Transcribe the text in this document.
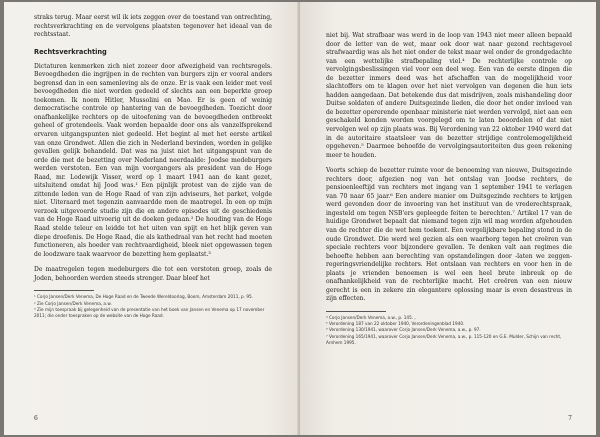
straks terug. Maar eerst wil ik iets zeggen over de toestand van ontrechting, rechtsverkrachting en de vervolgens plaatsten tegenover het ideaal van de rechtsstaat.

Rechtsverkrachting

Dictaturen kenmerken zich niet zozeer door afwezigheid van rechtsregels. Bevoegdheden die ingrijpen in de rechten van burgers zijn er vooral anders begrensd dan in een samenleving als de onze. Er is vaak een leider met veel bevoegdheden die niet worden gedeeld of slechts aan een beperkte groep toekomen. Ik noem Hitler, Mussolini en Mao. Er is geen of weinig democratische controle op hantering van de bevoegdheden. Toezicht door onafhankelijke rechters op de uitoefening van de bevoegdheden ontbreekt geheel of grotendeels. Vaak worden bepaalde door ons als vanzelfsprekend ervaren uitgangspunten niet gedeeld. Het begint al met het eerste artikel van onze Grondwet. Allen die zich in Nederland bevinden, worden in gelijke gevallen gelijk behandeld. Dat was na juist niet het uitgangspunt van de orde die met de bezetting over Nederland neerdaalde: Joodse medeburgers werden verstoten. Een van mijn voorgangers als president van de Hoge Raad, mr. Lodewijk Visser, werd op 1 maart 1941 aan de kant gezet, uitsluitend omdat hij Jood was.¹ Een pijnlijk protest van de zijde van de zittende leden van de Hoge Raad of van zijn adviseurs, het parket, volgde niet. Uiteraard met tegenzin aanvaardde men de maatregel. In een op mijn verzoek uitgevoerde studie zijn die en andere episodes uit de geschiedenis van de Hoge Raad uitvoerig uit de doeken gedaan.² De houding van de Hoge Raad stelde teleur en leidde tot het uiten van spijt en het blijk geven van diepe droefenis. De Hoge Raad, die als kathedraal van het recht had moeten functioneren, als hoeder van rechtvaardigheid, bleek niet opgewassen tegen de loodzware taak waarvoor de bezetting hem geplaatst.³

De maatregelen tegen medeburgers die tot een verstoten groep, zoals de Joden, behoorden werden steeds strenger. Daar bleef het

¹ Corjo Jansen/Derk Venema, De Hoge Raad en de Tweede Wereldoorlog, Boom, Amsterdam 2011, p. 95.
² Zie Corjo Jansen/Derk Venema, a.w.
³ Zie mijn toespraak bij gelegenheid van de presentatie van het boek van Jansen en Venema op 17 november 2011; die onder toespraken op de website van de Hoge Raad.
6

niet bij. Wat strafbaar was werd in de loop van 1943 niet meer alleen bepaald door de letter van de wet, maar ook door wat naar gezond rechtsgevoel strafwaardig was als het niet onder de tekst maar wel onder de grondgedachte van een wettelijke strafbepaling viel.⁴ De rechterlijke controle op vervolgingsbeslissingen viel voor een deel weg. Een van de eerste dingen die de bezetter inmers deed was het afschaffen van de mogelijkheid voor slachtoffers om te klagen over het niet vervolgen van degenen die hun iets hadden aangedaan. Dat betekende dus dat misdrijven, zoals mishandeling door Duitse soldaten of andere Duitsgezinde lieden, die door het onder invloed van de bezetter opererende openbaar ministerie niet werden vervolgd, niet aan een geschakeld konden worden voorgelegd om te laten beoordelen of dat niet vervolgen wel op zijn plaats was. Bij Verordening van 22 oktober 1940 werd dat in de autoritaire staatsleer van de bezetter strijdige controlemogelijkheid opgeheven.⁵ Daarmee behoefde de vervolgingsautoriteiten dus geen rekening meer te houden.

Voorts schiep de bezetter ruimte voor de benoeming van nieuwe, Duitsgezinde rechters door, afgezien nog van het ontslag van Joodse rechters, de pensioenleeftijd van rechters met ingang van 1 september 1941 te verlagen van 70 naar 65 jaar.⁶ Een andere manier om Duitsgezinde rechters te krijgen werd gevonden door de invoering van het instituut van de vrederechtspraak, ingesteld om tegen NSB'ers gepleegde feiten te berechten.⁷ Artikel 17 van de huidige Grondwet bepaalt dat niemand tegen zijn wil mag worden afgehouden van de rechter die de wet hem toekent. Een vergelijkbare bepaling stond in de oude Grondwet. Die werd wel gezien als een waarborg tegen het creëren van speciale rechters voor bijzondere gevallen. Te denken valt aan regimes die behoefte hebben aan berechting van opstandelingen door -laten we zeggen- regeringsvriendelijke rechters. Het ontslaan van rechters en voor hen in de plaats je vrienden benoemen is wel een heel brute inbreuk op de onafhankelijkheid van de rechterlijke macht. Het creëren van een nieuw gerecht is een in zekere zin elegantere oplossing maar is even desastreus in zijn effecten.

⁴ Corjo Jansen/Derk Venema, a.w., p. 145. ,
⁵ Verordening 187 van 22 oktober 1940, Verordeningenblad 1940.
⁶ Verordening 130/1941, waarover Corjo Jansen/Derk Venema, a.w., p. 97.
⁷ Verordening 165/1941, waarover Corjo Jansen/Derk Venema, a.w., p. 115-120 en G.E. Mulder, Schijn van recht, Arnhem 1995.
7
